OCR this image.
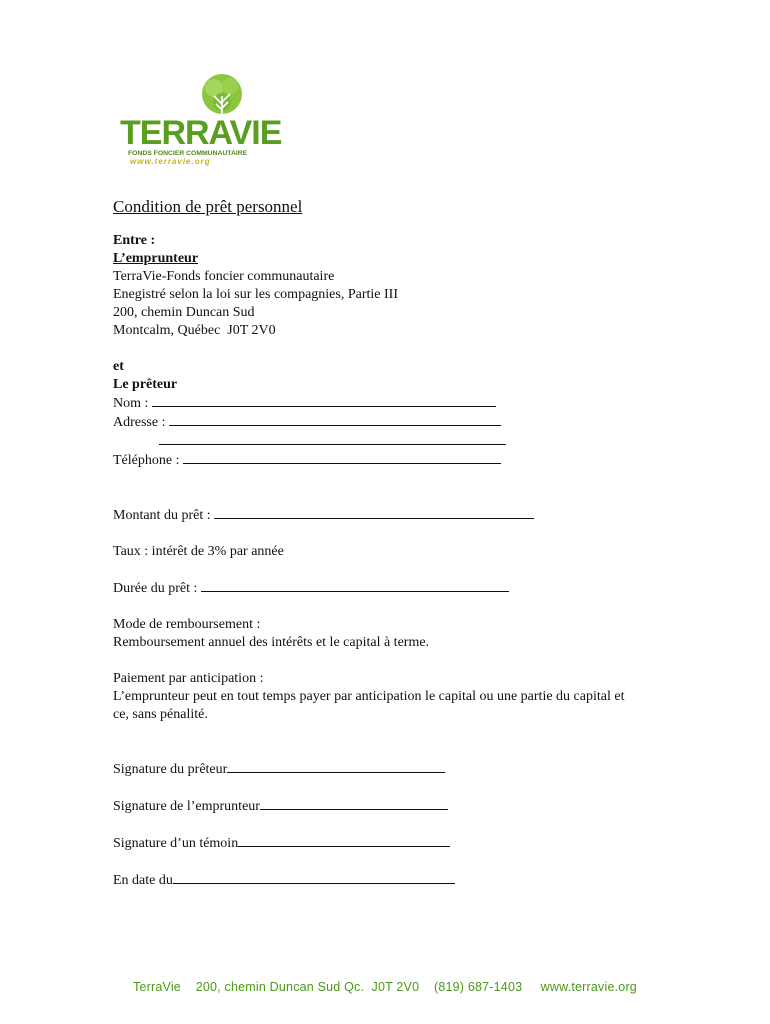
TERRAVIE
FONDS FONCIER COMMUNAUTAIRE
www.terravie.org
Condition de prêt personnel
Entre :
L’emprunteur
TerraVie-Fonds foncier communautaire
Enegistré selon la loi sur les compagnies, Partie III
200, chemin Duncan Sud
Montcalm, Québec  J0T 2V0
et
Le prêteur
Nom :
Adresse :
Téléphone :
Montant du prêt :
Taux : intérêt de 3% par année
Durée du prêt :
Mode de remboursement :
Remboursement annuel des intérêts et le capital à terme.
Paiement par anticipation :
L’emprunteur peut en tout temps payer par anticipation le capital ou une partie du capital et
ce, sans pénalité.
Signature du prêteur
Signature de l’emprunteur
Signature d’un témoin
En date du
TerraVie 200, chemin Duncan Sud Qc.  J0T 2V0 (819) 687-1403 www.terravie.org
